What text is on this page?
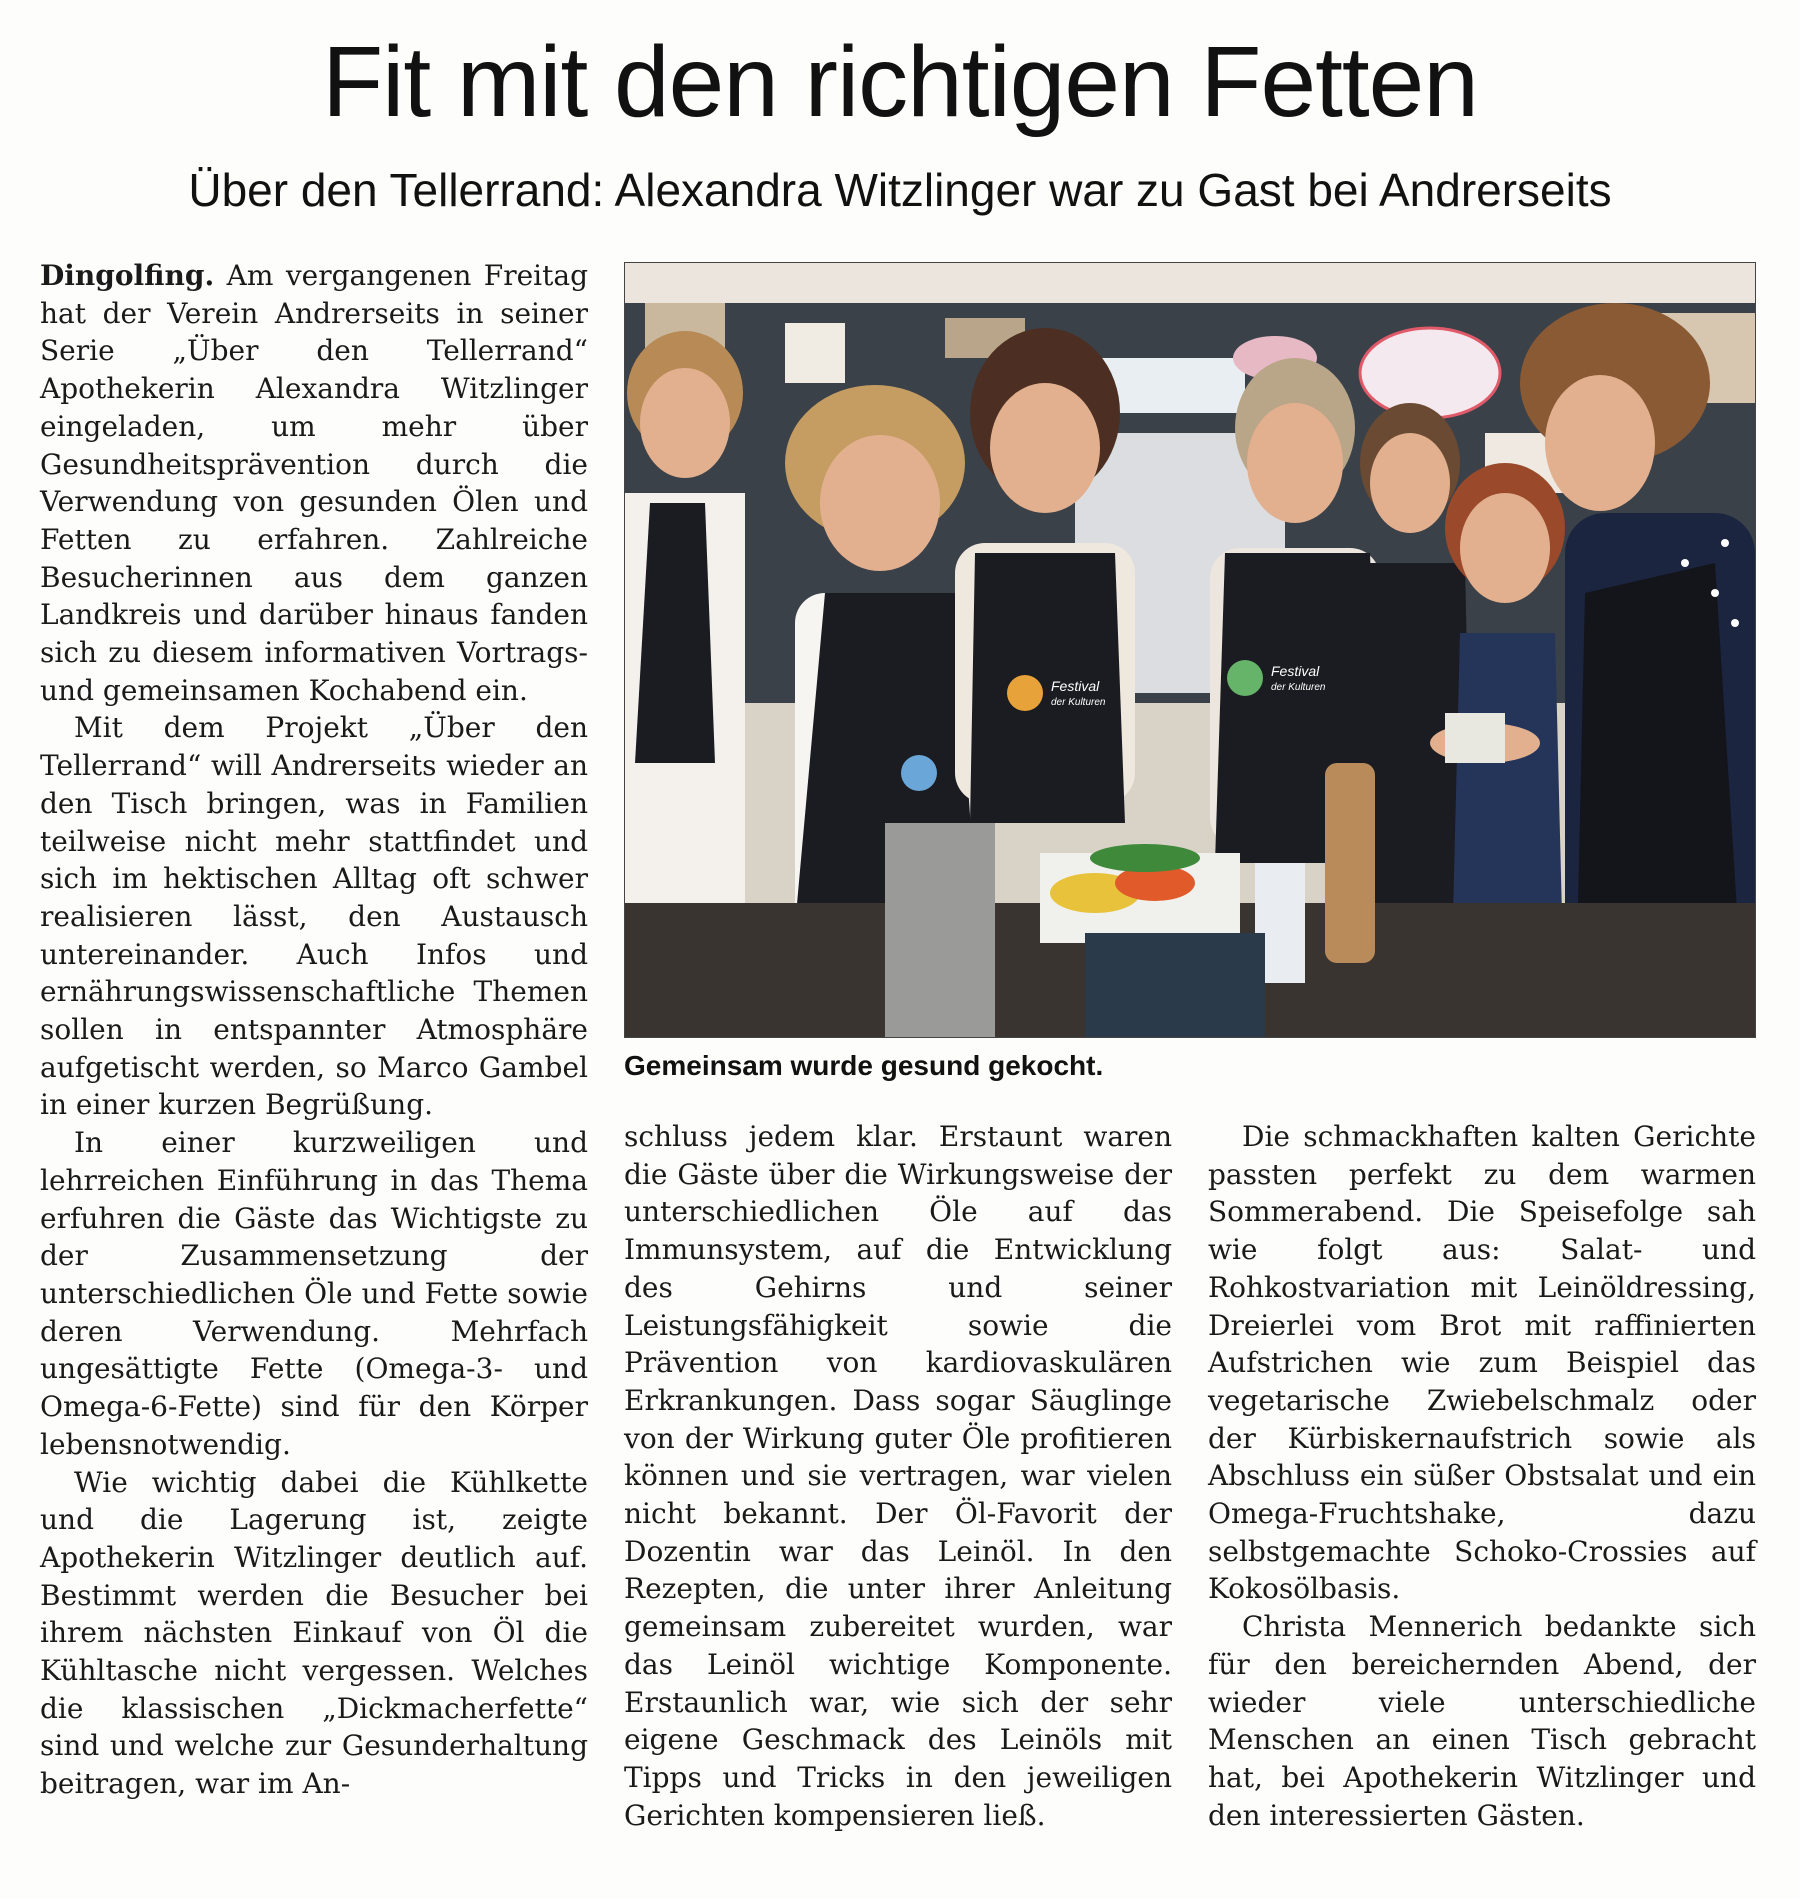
Fit mit den richtigen Fetten
Über den Tellerrand: Alexandra Witzlinger war zu Gast bei Andrerseits

Dingolfing. Am vergangenen Freitag hat der Verein Andrerseits in seiner Serie „Über den Tellerrand“ Apothekerin Alexandra Witzlinger eingeladen, um mehr über Gesundheitsprävention durch die Verwendung von gesunden Ölen und Fetten zu erfahren. Zahlreiche Besucherinnen aus dem ganzen Landkreis und darüber hinaus fanden sich zu diesem informativen Vortrags- und gemeinsamen Kochabend ein.

Mit dem Projekt „Über den Tellerrand“ will Andrerseits wieder an den Tisch bringen, was in Familien teilweise nicht mehr stattfindet und sich im hektischen Alltag oft schwer realisieren lässt, den Austausch untereinander. Auch Infos und ernährungswissenschaftliche Themen sollen in entspannter Atmosphäre aufgetischt werden, so Marco Gambel in einer kurzen Begrüßung.

In einer kurzweiligen und lehrreichen Einführung in das Thema erfuhren die Gäste das Wichtigste zu der Zusammensetzung der unterschiedlichen Öle und Fette sowie deren Verwendung. Mehrfach ungesättigte Fette (Omega-3- und Omega-6-Fette) sind für den Körper lebensnotwendig.

Wie wichtig dabei die Kühlkette und die Lagerung ist, zeigte Apothekerin Witzlinger deutlich auf. Bestimmt werden die Besucher bei ihrem nächsten Einkauf von Öl die Kühltasche nicht vergessen. Welches die klassischen „Dickmacherfette“ sind und welche zur Gesunderhaltung beitragen, war im An-

Festival
der Kulturen
Festival
der Kulturen
Gemeinsam wurde gesund gekocht.

schluss jedem klar. Erstaunt waren die Gäste über die Wirkungsweise der unterschiedlichen Öle auf das Immunsystem, auf die Entwicklung des Gehirns und seiner Leistungsfähigkeit sowie die Prävention von kardiovaskulären Erkrankungen. Dass sogar Säuglinge von der Wirkung guter Öle profitieren können und sie vertragen, war vielen nicht bekannt. Der Öl-Favorit der Dozentin war das Leinöl. In den Rezepten, die unter ihrer Anleitung gemeinsam zubereitet wurden, war das Leinöl wichtige Komponente. Erstaunlich war, wie sich der sehr eigene Geschmack des Leinöls mit Tipps und Tricks in den jeweiligen Gerichten kompensieren ließ.

Die schmackhaften kalten Gerichte passten perfekt zu dem warmen Sommerabend. Die Speisefolge sah wie folgt aus: Salat- und Rohkostvariation mit Leinöldressing, Dreierlei vom Brot mit raffinierten Aufstrichen wie zum Beispiel das vegetarische Zwiebelschmalz oder der Kürbiskernaufstrich sowie als Abschluss ein süßer Obstsalat und ein Omega-Fruchtshake, dazu selbstgemachte Schoko-Crossies auf Kokosölbasis.

Christa Mennerich bedankte sich für den bereichernden Abend, der wieder viele unterschiedliche Menschen an einen Tisch gebracht hat, bei Apothekerin Witzlinger und den interessierten Gästen.
